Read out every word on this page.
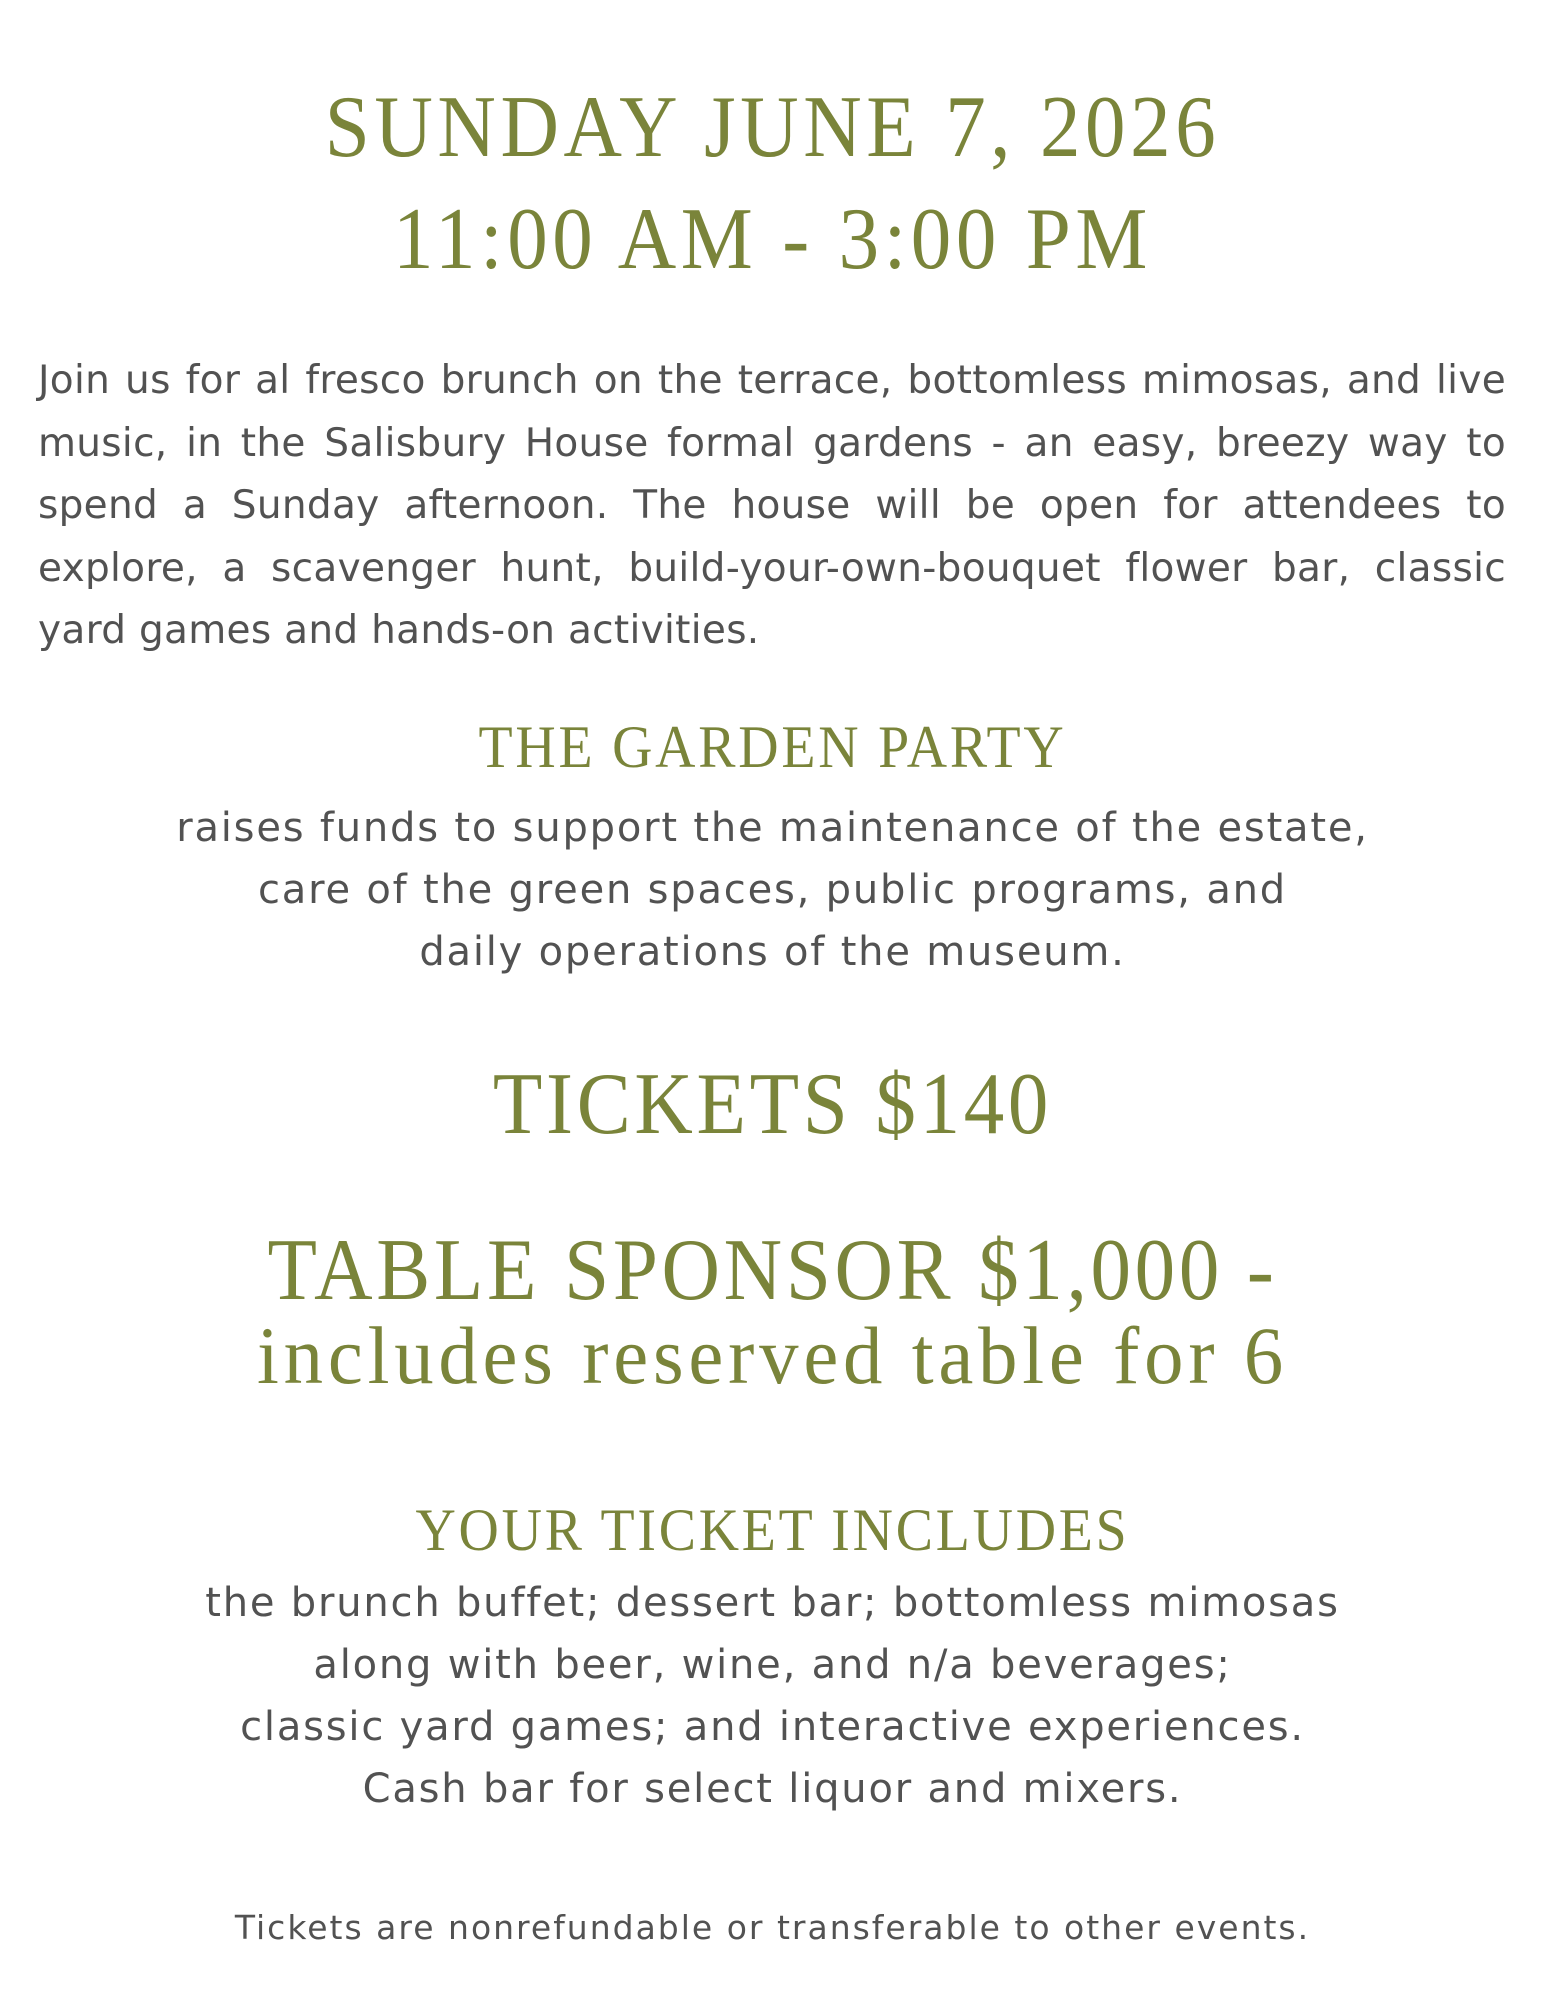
SUNDAY JUNE 7, 2026
11:00 AM - 3:00 PM

Join us for al fresco brunch on the terrace, bottomless mimosas, and live music, in the Salisbury House formal gardens - an easy, breezy way to spend a Sunday afternoon. The house will be open for attendees to explore, a scavenger hunt, build-your-own-bouquet flower bar, classic yard games and hands-on activities.

THE GARDEN PARTY
raises funds to support the maintenance of the estate,
care of the green spaces, public programs, and
daily operations of the museum.
TICKETS $140
TABLE SPONSOR $1,000 -
includes reserved table for 6
YOUR TICKET INCLUDES
the brunch buffet; dessert bar; bottomless mimosas
along with beer, wine, and n/a beverages;
classic yard games; and interactive experiences.
Cash bar for select liquor and mixers.

Tickets are nonrefundable or transferable to other events.
